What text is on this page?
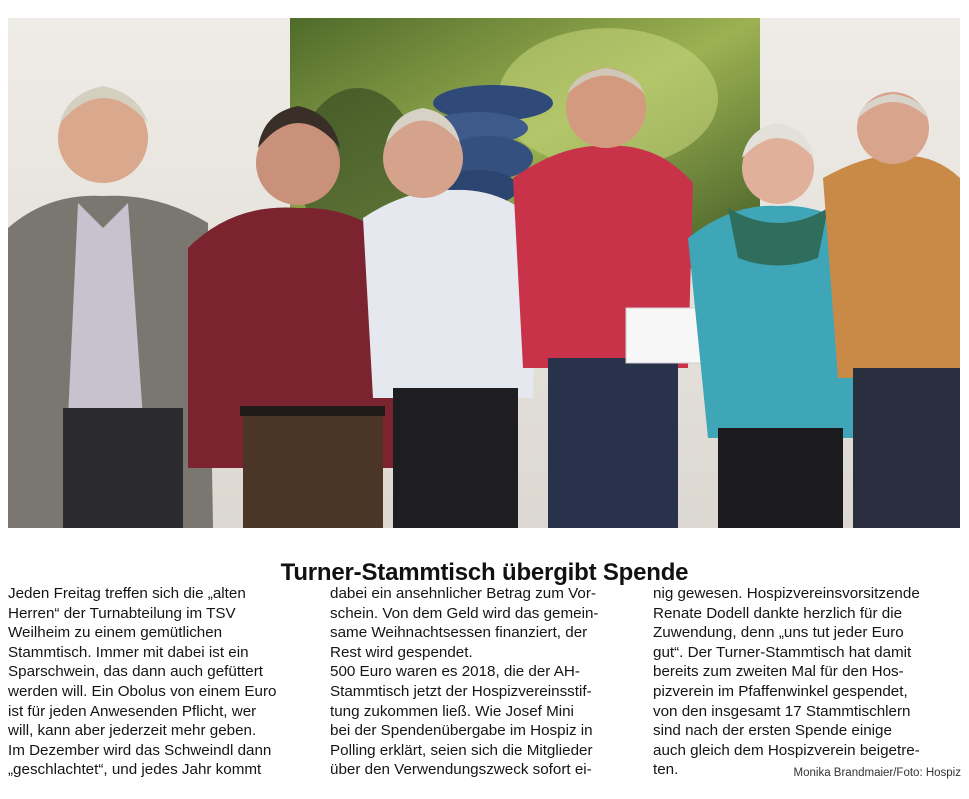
Turner-Stammtisch übergibt Spende
Jeden Freitag treffen sich die „alten
Herren“ der Turnabteilung im TSV
Weilheim zu einem gemütlichen
Stammtisch. Immer mit dabei ist ein
Sparschwein, das dann auch gefüttert
werden will. Ein Obolus von einem Euro
ist für jeden Anwesenden Pflicht, wer
will, kann aber jederzeit mehr geben.
Im Dezember wird das Schweindl dann
„geschlachtet“, und jedes Jahr kommt
dabei ein ansehnlicher Betrag zum Vor-
schein. Von dem Geld wird das gemein-
same Weihnachtsessen finanziert, der
Rest wird gespendet.
500 Euro waren es 2018, die der AH-
Stammtisch jetzt der Hospizvereinsstif-
tung zukommen ließ. Wie Josef Mini
bei der Spendenübergabe im Hospiz in
Polling erklärt, seien sich die Mitglieder
über den Verwendungszweck sofort ei-
nig gewesen. Hospizvereinsvorsitzende
Renate Dodell dankte herzlich für die
Zuwendung, denn „uns tut jeder Euro
gut“. Der Turner-Stammtisch hat damit
bereits zum zweiten Mal für den Hos-
pizverein im Pfaffenwinkel gespendet,
von den insgesamt 17 Stammtischlern
sind nach der ersten Spende einige
auch gleich dem Hospizverein beigetre-
ten.	Monika Brandmaier/Foto: Hospiz
